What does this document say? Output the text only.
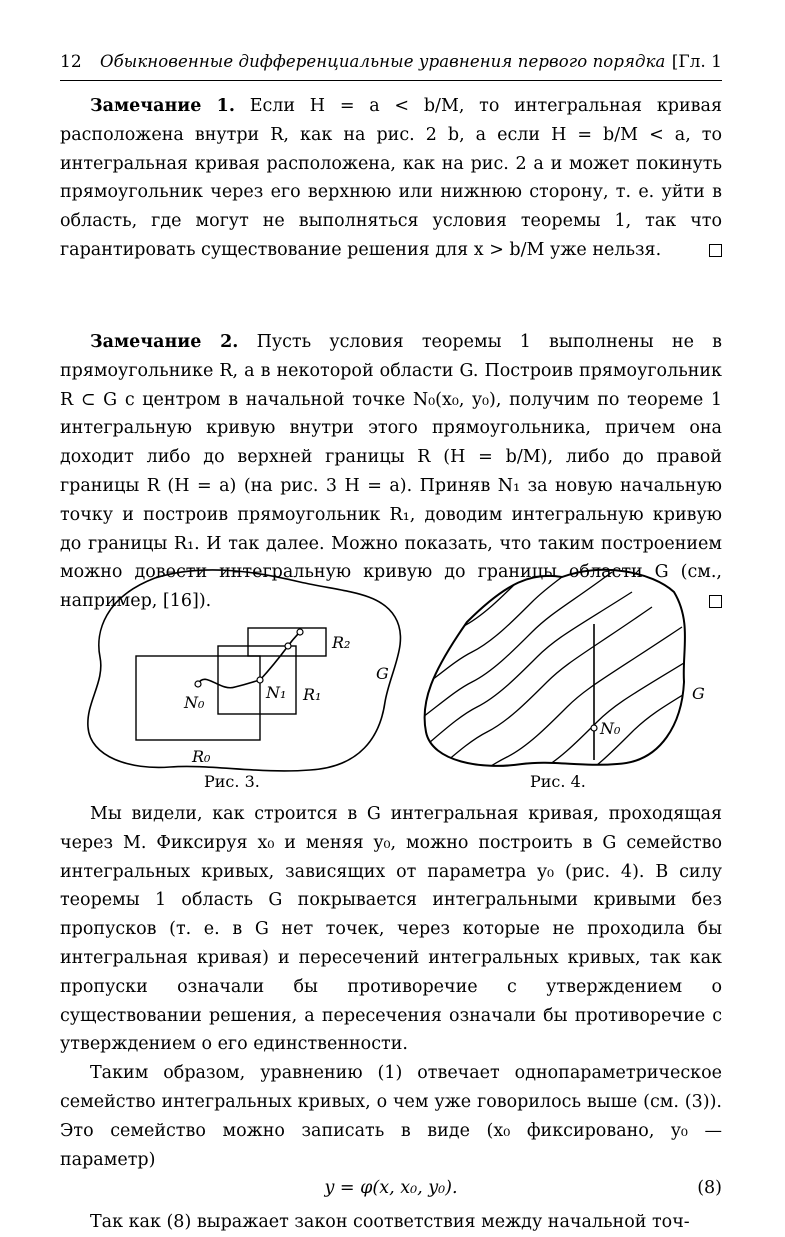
12	Обыкновенные дифференциальные уравнения первого порядка [Гл. 1

Замечание 1. Если H = a < b/M, то интегральная кривая расположена внутри R, как на рис. 2 b, а если H = b/M < a, то интегральная кривая расположена, как на рис. 2 a и может покинуть прямоугольник через его верхнюю или нижнюю сторону, т. е. уйти в область, где могут не выполняться условия теоремы 1, так что гарантировать существование решения для x > b/M уже нельзя.

Замечание 2. Пусть условия теоремы 1 выполнены не в прямоугольнике R, а в некоторой области G. Построив прямоугольник R ⊂ G с центром в начальной точке N₀(x₀, y₀), получим по теореме 1 интегральную кривую внутри этого прямоугольника, причем она доходит либо до верхней границы R (H = b/M), либо до правой границы R (H = a) (на рис. 3 H = a). Приняв N₁ за новую начальную точку и построив прямоугольник R₁, доводим интегральную кривую до границы R₁. И так далее. Можно показать, что таким построением можно довести интегральную кривую до границы области G (см., например, [16]).

R₂
G
N₀
N₁ R₁
R₀
Рис. 3.
N₀
G
Рис. 4.

Мы видели, как строится в G интегральная кривая, проходящая через M. Фиксируя x₀ и меняя y₀, можно построить в G семейство интегральных кривых, зависящих от параметра y₀ (рис. 4). В силу теоремы 1 область G покрывается интегральными кривыми без пропусков (т. е. в G нет точек, через которые не проходила бы интегральная кривая) и пересечений интегральных кривых, так как пропуски означали бы противоречие с утверждением о существовании решения, а пересечения означали бы противоречие с утверждением о его единственности.

Таким образом, уравнению (1) отвечает однопараметрическое семейство интегральных кривых, о чем уже говорилось выше (см. (3)). Это семейство можно записать в виде (x₀ фиксировано, y₀ — параметр)

y = φ(x, x₀, y₀).	(8)

Так как (8) выражает закон соответствия между начальной точ-
